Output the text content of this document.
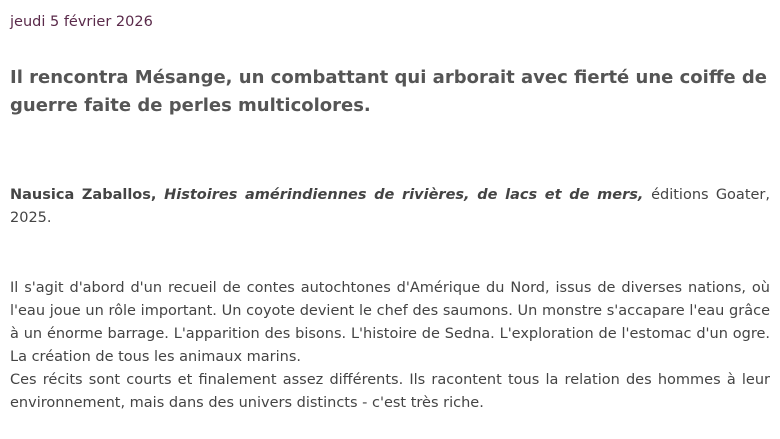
jeudi 5 février 2026
Il rencontra Mésange, un combattant qui arborait avec fierté une coiffe de guerre faite de perles multicolores.
Nausica Zaballos, Histoires amérindiennes de rivières, de lacs et de mers, éditions Goater, 2025.

Il s'agit d'abord d'un recueil de contes autochtones d'Amérique du Nord, issus de diverses nations, où l'eau joue un rôle important. Un coyote devient le chef des saumons. Un monstre s'accapare l'eau grâce à un énorme barrage. L'apparition des bisons. L'histoire de Sedna. L'exploration de l'estomac d'un ogre. La création de tous les animaux marins.

Ces récits sont courts et finalement assez différents. Ils racontent tous la relation des hommes à leur environnement, mais dans des univers distincts - c'est très riche.
